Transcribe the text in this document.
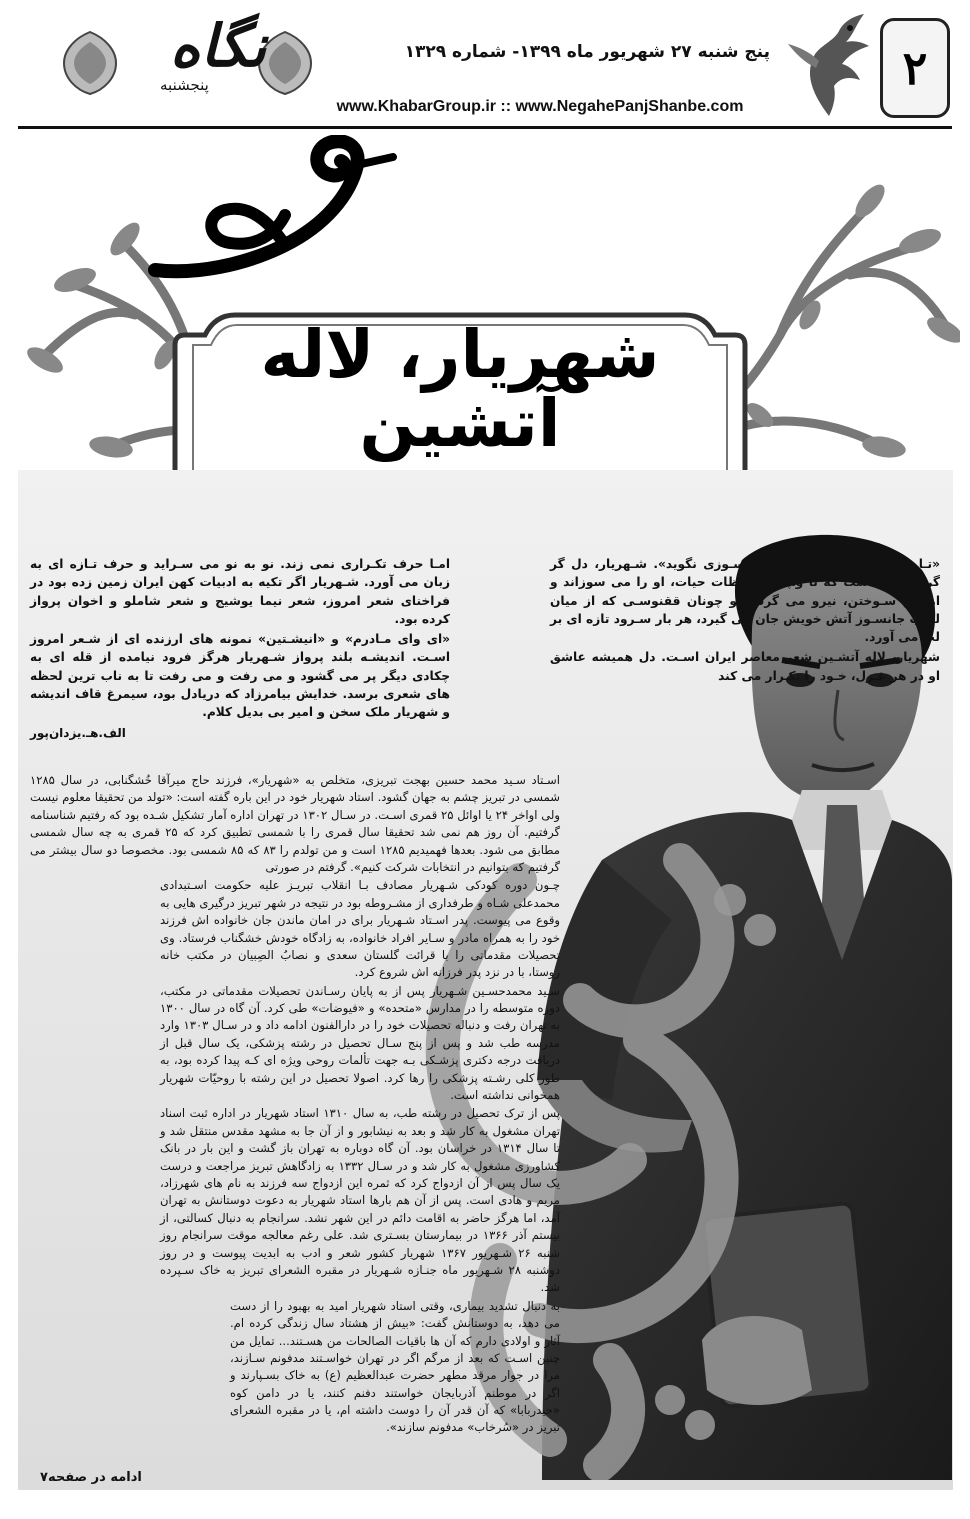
۲
پنج شنبه ۲۷ شهریور ماه ۱۳۹۹- شماره ۱۳۲۹
www.KhabarGroup.ir :: www.NegahePanjShanbe.com
نگاه
پنجشنبه
شهریار، لاله آتشین

«تـا دلـی آتش نگیـرد، حرف جانسـوزی نگوید». شـهریار، دل گر گرفته ای داشت که تا واپسین لحظات حیات، او را می سوزاند و از این سـوختن، نیرو می گرفت و چونان ققنوسـی که از میان لهیب جانسـوز آتش خویش جان می گیرد، هر بار سـرود تازه ای بر لب می آورد.

شهریار، لاله آتشـین شعر معاصر ایران اسـت. دل همیشه عاشق او در هر غـزل، خـود را تکـرار می کند

امـا حرف تکـراری نمی زند. نو به نو می سـراید و حرف تـازه ای به زبان می آورد. شـهریار اگر تکیه به ادبیات کهن ایران زمین زده بود در فراخنای شعر امروز، شعر نیما یوشیج و شعر شاملو و اخوان پرواز کرده بود.

«ای وای مـادرم» و «انیشـتین» نمونه های ارزنده ای از شـعر امروز اسـت. اندیشـه بلند پرواز شـهریار هرگز فرود نیامده از قله ای به چکادی دیگر پر می گشود و می رفت و می رفت تا به ناب ترین لحظه های شعری برسد. خدایش بیامرزاد که دریادل بود، سیمرغ قاف اندیشه و شهریار ملک سخن و امیر بی بدیل کلام.

الف.هـ.یزدان‌پور

اسـتاد سـید محمد حسین بهجت تبریزی، متخلص به «شهریار»، فرزند حاج میرآقا خُشگنابی، در سال ۱۲۸۵ شمسی در تبریز چشم به جهان گشود. استاد شهریار خود در این باره گفته است: «تولد من تحقیقا معلوم نیست ولی اواخر ۲۴ یا اوائل ۲۵ قمری اسـت. در سـال ۱۳۰۲ در تهران اداره آمار تشکیل شـده بود که رفتیم شناسنامه گرفتیم. آن روز هم نمی شد تحقیقا سال قمری را با شمسی تطبیق کرد که ۲۵ قمری به چه سال شمسی مطابق می شود. بعدها فهمیدیم ۱۲۸۵ است و من تولدم را ۸۳ که ۸۵ شمسی بود. مخصوصا دو سال بیشتر می گرفتیم که بتوانیم در انتخابات شرکت کنیم». گرفتم در صورتی

چـون دوره کودکی شـهریار مصادف بـا انقلاب تبریـز علیه حکومت اسـتبدادی محمدعلی شـاه و طرفداری از مشـروطه بود در نتیجه در شهر تبریز درگیری هایی به وقوع می پیوست. پدر اسـتاد شـهریار برای در امان ماندن جان خانواده اش فرزند خود را به همراه مادر و سـایر افراد خانواده، به زادگاه خودش خشگناب فرستاد. وی تحصیلات مقدماتی را با قرائت گلستان سعدی و نصابُ الصِبیان در مکتب خانه روستا، با در نزد پدر فرزانه اش شروع کرد.

سـید محمدحسـین شـهریار پس از به پایان رسـاندن تحصیلات مقدماتی در مکتب، دوره متوسطه را در مدارس «متحده» و «فیوضات» طی کرد. آن گاه در سال ۱۳۰۰ به تهران رفت و دنباله تحصیلات خود را در دارالفنون ادامه داد و در سـال ۱۳۰۳ وارد مدرسه طب شد و پس از پنج سـال تحصیل در رشته پزشکی، یک سال قبل از دریافت درجه دکتری پزشـکی بـه جهت تألمات روحی ویژه ای کـه پیدا کرده بود، به طور کلی رشـته پزشکی را رها کرد. اصولا تحصیل در این رشته با روحیّات شهریار همخوانی نداشته است.

پس از ترک تحصیل در رشته طب، به سال ۱۳۱۰ استاد شهریار در اداره ثبت اسناد تهران مشغول به کار شد و بعد به نیشابور و از آن جا به مشهد مقدس منتقل شد و تا سال ۱۳۱۴ در خراسان بود. آن گاه دوباره به تهران باز گشت و این بار در بانک کشاورزی مشغول به کار شد و در سـال ۱۳۳۲ به زادگاهش تبریز مراجعت و درست یک سال پس از آن ازدواج کرد که ثمره این ازدواج سه فرزند به نام های شهرزاد، مریم و هادی است. پس از آن هم بارها استاد شهریار به دعوت دوستانش به تهران آمد، اما هرگز حاضر به اقامت دائم در این شهر نشد. سرانجام به دنبال کسالتی، از بیستم آذر ۱۳۶۶ در بیمارستان بسـتری شد. علی رغم معالجه موقت سرانجام روز شنبه ۲۶ شـهریور ۱۳۶۷ شهریار کشور شعر و ادب به ابدیت پیوست و در روز دوشنبه ۲۸ شـهریور ماه جنـازه شـهریار در مقبره الشعرای تبریز به خاک سـپرده شد.

به دنبال تشدید بیماری، وقتی استاد شهریار امید به بهبود را از دست می دهد، به دوستانش گفت: «بیش از هشتاد سال زندگی کرده ام. آثار و اولادی دارم که آن ها باقیات الصالحات من هسـتند... تمایل من چنین اسـت که بعد از مرگم اگر در تهران خواسـتند مدفونم سـازند، مرا در جوار مرقد مطهر حضرت عبدالعظیم (ع) به خاک بسـپارند و اگر در موطنم آذربایجان خواستند دفنم کنند، یا در دامن کوه «حیدربابا» که آن قدر آن را دوست داشته ام، یا در مقبره الشعرای تبریز در «سُرخاب» مدفونم سازند».

ادامه در صفحه۷
